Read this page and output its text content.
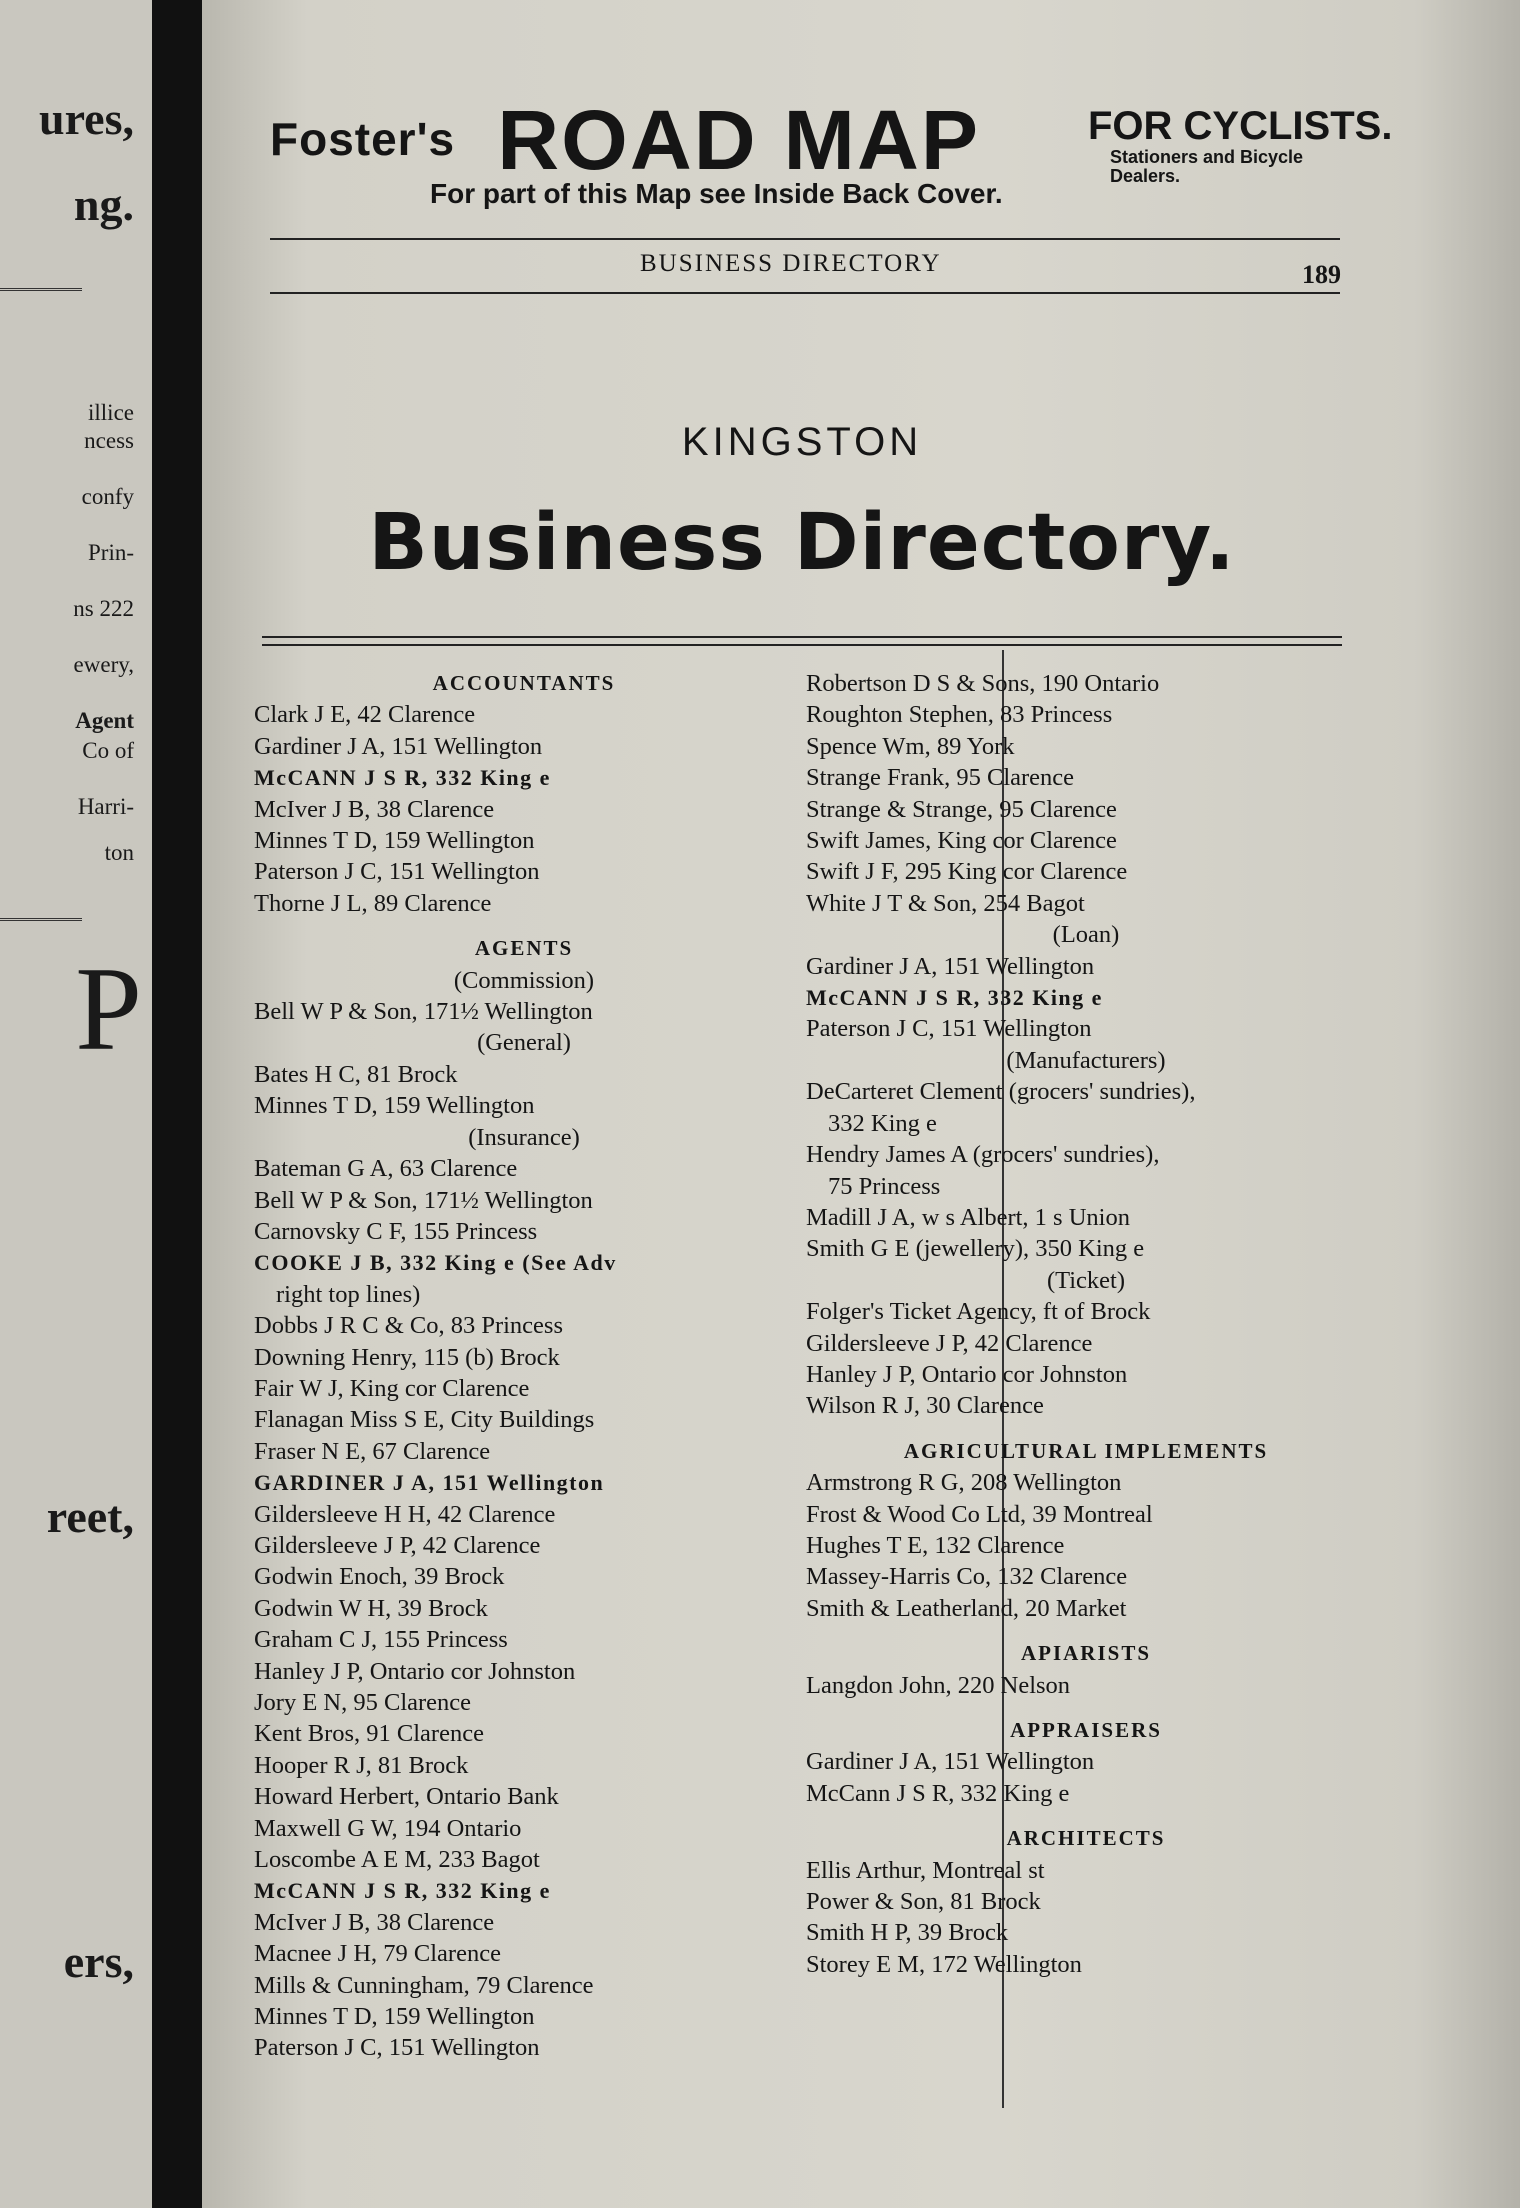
ures,
ng.
illice
ncess
confy
Prin-
ns 222
ewery,
Agent
Co of
Harri-
ton
P
reet,
ers,
Foster's ROAD MAP	FOR CYCLISTS.
Stationers and Bicycle Dealers.
For part of this Map see Inside Back Cover.
BUSINESS DIRECTORY	189
KINGSTON
Business Directory.
ACCOUNTANTS
Clark J E, 42 Clarence
Gardiner J A, 151 Wellington
McCANN J S R, 332 King e
McIver J B, 38 Clarence
Minnes T D, 159 Wellington
Paterson J C, 151 Wellington
Thorne J L, 89 Clarence
AGENTS
(Commission)
Bell W P & Son, 171½ Wellington
(General)
Bates H C, 81 Brock
Minnes T D, 159 Wellington
(Insurance)
Bateman G A, 63 Clarence
Bell W P & Son, 171½ Wellington
Carnovsky C F, 155 Princess
COOKE J B, 332 King e (See Adv
right top lines)
Dobbs J R C & Co, 83 Princess
Downing Henry, 115 (b) Brock
Fair W J, King cor Clarence
Flanagan Miss S E, City Buildings
Fraser N E, 67 Clarence
GARDINER J A, 151 Wellington
Gildersleeve H H, 42 Clarence
Gildersleeve J P, 42 Clarence
Godwin Enoch, 39 Brock
Godwin W H, 39 Brock
Graham C J, 155 Princess
Hanley J P, Ontario cor Johnston
Jory E N, 95 Clarence
Kent Bros, 91 Clarence
Hooper R J, 81 Brock
Howard Herbert, Ontario Bank
Maxwell G W, 194 Ontario
Loscombe A E M, 233 Bagot
McCANN J S R, 332 King e
McIver J B, 38 Clarence
Macnee J H, 79 Clarence
Mills & Cunningham, 79 Clarence
Minnes T D, 159 Wellington
Paterson J C, 151 Wellington
Robertson D S & Sons, 190 Ontario
Roughton Stephen, 83 Princess
Spence Wm, 89 York
Strange Frank, 95 Clarence
Strange & Strange, 95 Clarence
Swift James, King cor Clarence
Swift J F, 295 King cor Clarence
White J T & Son, 254 Bagot
(Loan)
Gardiner J A, 151 Wellington
McCANN J S R, 332 King e
Paterson J C, 151 Wellington
(Manufacturers)
DeCarteret Clement (grocers' sundries),
332 King e
Hendry James A (grocers' sundries),
75 Princess
Madill J A, w s Albert, 1 s Union
Smith G E (jewellery), 350 King e
(Ticket)
Folger's Ticket Agency, ft of Brock
Gildersleeve J P, 42 Clarence
Hanley J P, Ontario cor Johnston
Wilson R J, 30 Clarence
AGRICULTURAL IMPLEMENTS
Armstrong R G, 208 Wellington
Frost & Wood Co Ltd, 39 Montreal
Hughes T E, 132 Clarence
Massey-Harris Co, 132 Clarence
Smith & Leatherland, 20 Market
APIARISTS
Langdon John, 220 Nelson
APPRAISERS
Gardiner J A, 151 Wellington
McCann J S R, 332 King e
ARCHITECTS
Ellis Arthur, Montreal st
Power & Son, 81 Brock
Smith H P, 39 Brock
Storey E M, 172 Wellington
